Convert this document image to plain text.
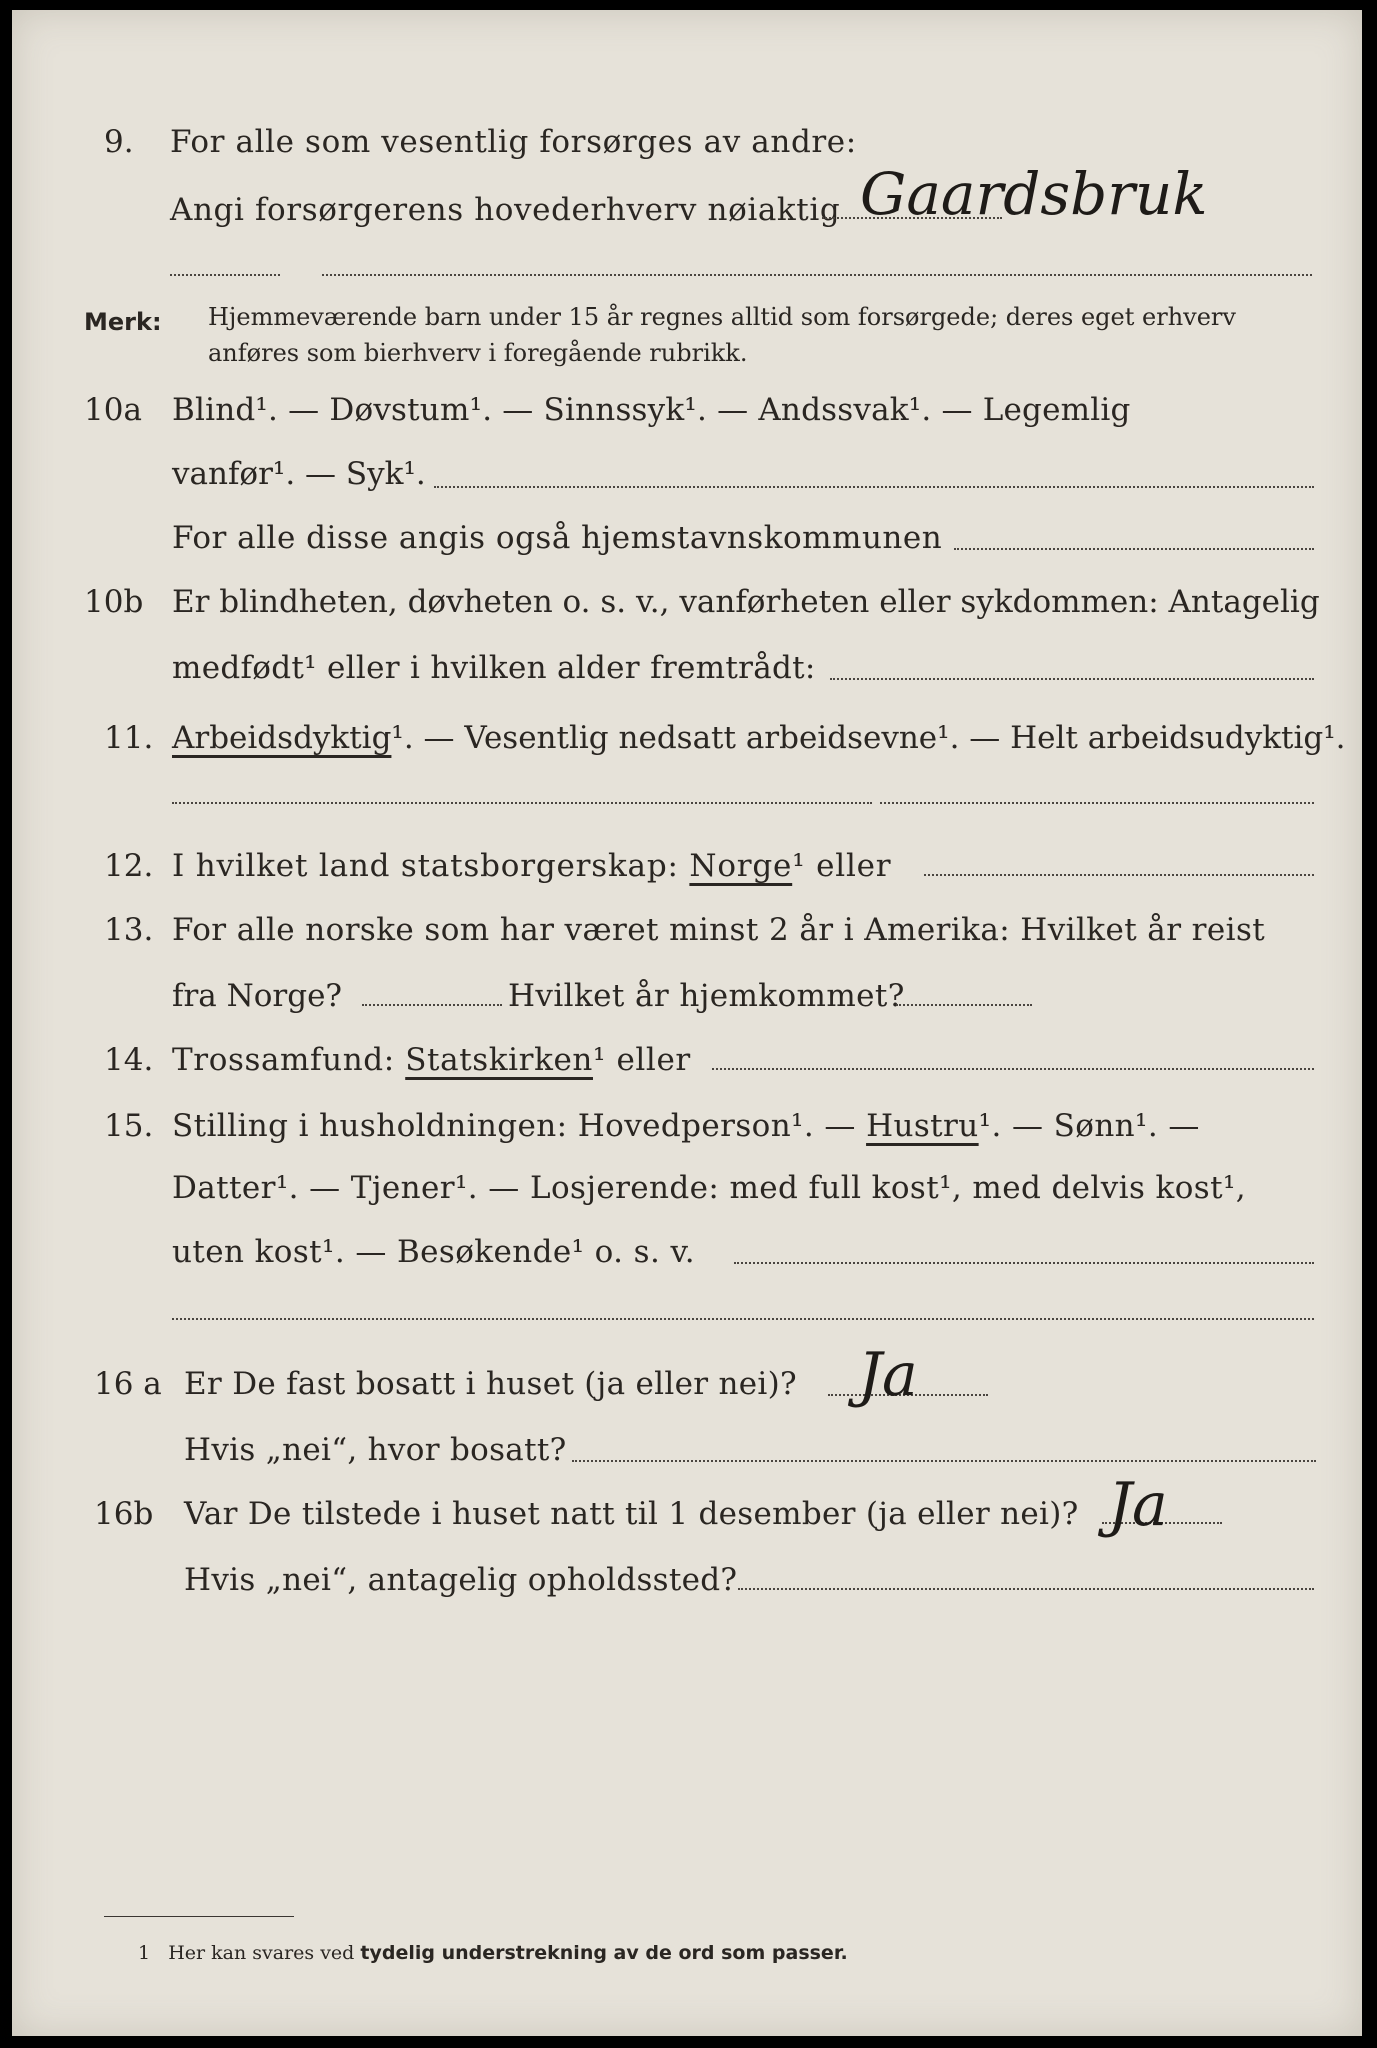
9. For alle som vesentlig forsørges av andre:
Angi forsørgerens hovederhverv nøiaktig Gaardsbruk
Merk: Hjemmeværende barn under 15 år regnes alltid som forsørgede; deres eget erhverv
anføres som bierhverv i foregående rubrikk.
10a Blind¹. — Døvstum¹. — Sinnssyk¹. — Andssvak¹. — Legemlig
vanfør¹. — Syk¹.
For alle disse angis også hjemstavnskommunen
10b Er blindheten, døvheten o. s. v., vanførheten eller sykdommen: Antagelig
medfødt¹ eller i hvilken alder fremtrådt:
11. Arbeidsdyktig¹. — Vesentlig nedsatt arbeidsevne¹. — Helt arbeidsudyktig¹.
12. I hvilket land statsborgerskap: Norge¹ eller
13. For alle norske som har været minst 2 år i Amerika: Hvilket år reist
fra Norge?	Hvilket år hjemkommet?
14. Trossamfund: Statskirken¹ eller
15. Stilling i husholdningen: Hovedperson¹. — Hustru¹. — Sønn¹. —
Datter¹. — Tjener¹. — Losjerende: med full kost¹, med delvis kost¹,
uten kost¹. — Besøkende¹ o. s. v.
16 a Er De fast bosatt i huset (ja eller nei)? Ja
Hvis „nei“, hvor bosatt?
16b Var De tilstede i huset natt til 1 desember (ja eller nei)? Ja
Hvis „nei“, antagelig opholdssted?
1 Her kan svares ved tydelig understrekning av de ord som passer.
